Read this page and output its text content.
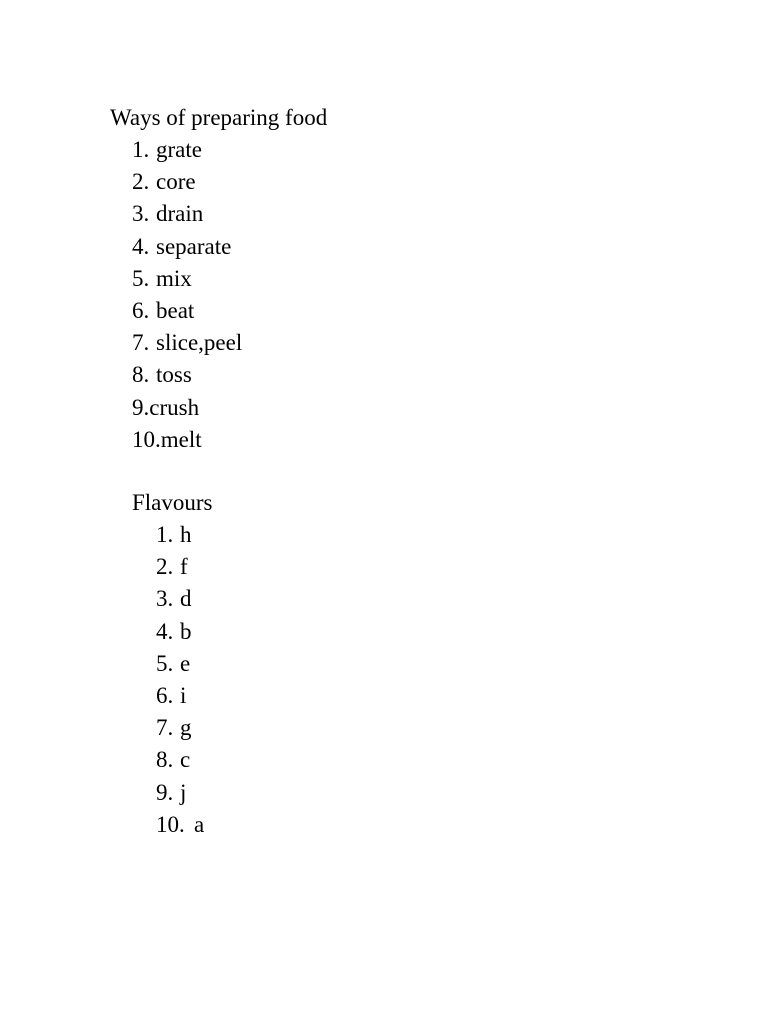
Ways of preparing food
1. grate
2. core
3. drain
4. separate
5. mix
6. beat
7. slice,peel
8. toss
9.crush
10.melt
Flavours
1. h
2. f
3. d
4. b
5. e
6. i
7. g
8. c
9. j
10. a
